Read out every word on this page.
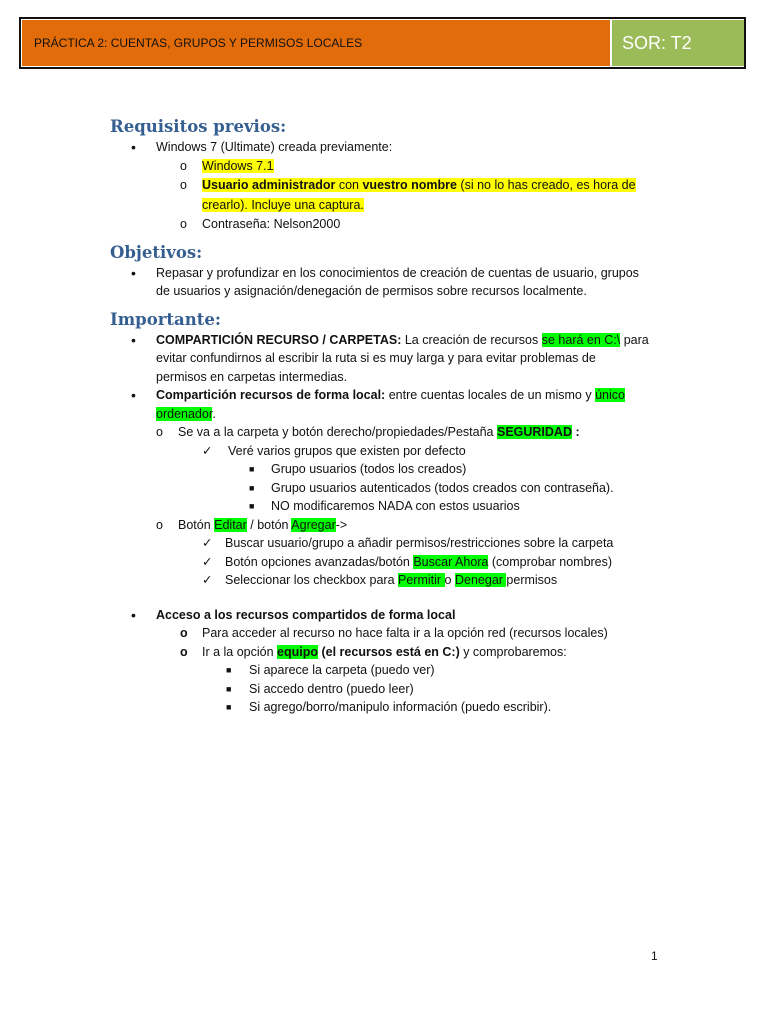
PRÁCTICA 2: CUENTAS, GRUPOS Y PERMISOS LOCALES	SOR: T2
Requisitos previos:
• Windows 7 (Ultimate) creada previamente:
o Windows 7.1
o Usuario administrador con vuestro nombre (si no lo has creado, es hora de
crearlo). Incluye una captura.
o Contraseña: Nelson2000
Objetivos:
• Repasar y profundizar en los conocimientos de creación de cuentas de usuario, grupos
de usuarios y asignación/denegación de permisos sobre recursos localmente.
Importante:
• COMPARTICIÓN RECURSO / CARPETAS: La creación de recursos se hará en C:\ para
evitar confundirnos al escribir la ruta si es muy larga y para evitar problemas de
permisos en carpetas intermedias.
• Compartición recursos de forma local: entre cuentas locales de un mismo y único
ordenador.
o Se va a la carpeta y botón derecho/propiedades/Pestaña SEGURIDAD :
✓ Veré varios grupos que existen por defecto
■ Grupo usuarios (todos los creados)
■ Grupo usuarios autenticados (todos creados con contraseña).
■ NO modificaremos NADA con estos usuarios
o Botón Editar / botón Agregar->
✓ Buscar usuario/grupo a añadir permisos/restricciones sobre la carpeta
✓ Botón opciones avanzadas/botón Buscar Ahora (comprobar nombres)
✓ Seleccionar los checkbox para Permitir o Denegar permisos
• Acceso a los recursos compartidos de forma local
o Para acceder al recurso no hace falta ir a la opción red (recursos locales)
o Ir a la opción equipo (el recursos está en C:) y comprobaremos:
■ Si aparece la carpeta (puedo ver)
■ Si accedo dentro (puedo leer)
■ Si agrego/borro/manipulo información (puedo escribir).
1
